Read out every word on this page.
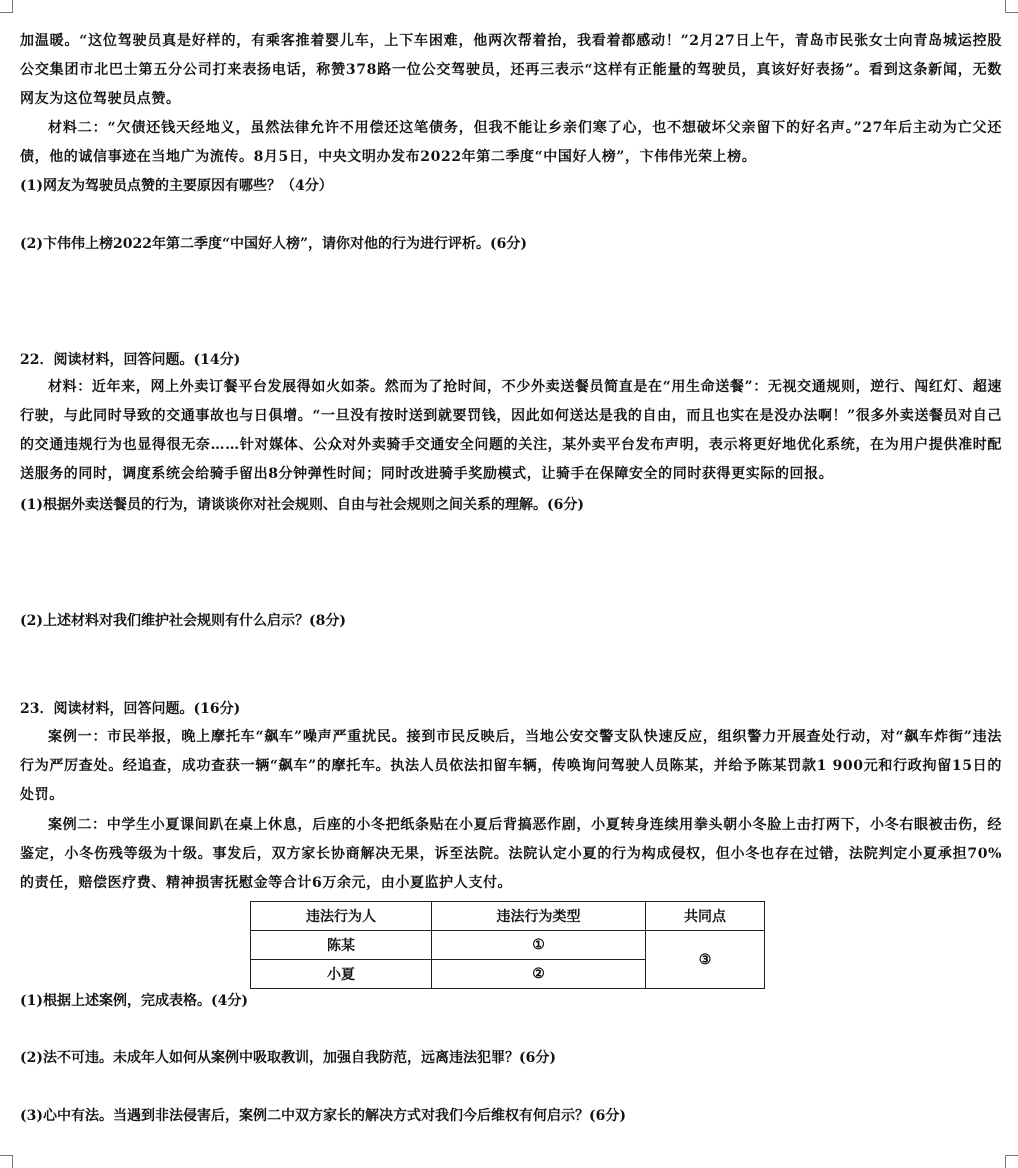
加温暖。“这位驾驶员真是好样的，有乘客推着婴儿车，上下车困难，他两次帮着抬，我看着都感动！”2月27日上午，青岛市民张女士向青岛城运控股公交集团市北巴士第五分公司打来表扬电话，称赞378路一位公交驾驶员，还再三表示“这样有正能量的驾驶员，真该好好表扬”。看到这条新闻，无数网友为这位驾驶员点赞。
材料二：“欠债还钱天经地义，虽然法律允许不用偿还这笔债务，但我不能让乡亲们寒了心，也不想破坏父亲留下的好名声。”27年后主动为亡父还债，他的诚信事迹在当地广为流传。8月5日，中央文明办发布2022年第二季度“中国好人榜”，卞伟伟光荣上榜。
(1)网友为驾驶员点赞的主要原因有哪些？（4分）
(2)卞伟伟上榜2022年第二季度“中国好人榜”，请你对他的行为进行评析。(6分)
22．阅读材料，回答问题。(14分)
材料：近年来，网上外卖订餐平台发展得如火如荼。然而为了抢时间，不少外卖送餐员简直是在“用生命送餐”：无视交通规则，逆行、闯红灯、超速行驶，与此同时导致的交通事故也与日俱增。“一旦没有按时送到就要罚钱，因此如何送达是我的自由，而且也实在是没办法啊！”很多外卖送餐员对自己的交通违规行为也显得很无奈……针对媒体、公众对外卖骑手交通安全问题的关注，某外卖平台发布声明，表示将更好地优化系统，在为用户提供准时配送服务的同时，调度系统会给骑手留出8分钟弹性时间；同时改进骑手奖励模式，让骑手在保障安全的同时获得更实际的回报。
(1)根据外卖送餐员的行为，请谈谈你对社会规则、自由与社会规则之间关系的理解。(6分)
(2)上述材料对我们维护社会规则有什么启示？(8分)
23．阅读材料，回答问题。(16分)
案例一：市民举报，晚上摩托车“飙车”噪声严重扰民。接到市民反映后，当地公安交警支队快速反应，组织警力开展查处行动，对“飙车炸街”违法行为严厉查处。经追查，成功查获一辆“飙车”的摩托车。执法人员依法扣留车辆，传唤询问驾驶人员陈某，并给予陈某罚款1 900元和行政拘留15日的处罚。
案例二：中学生小夏课间趴在桌上休息，后座的小冬把纸条贴在小夏后背搞恶作剧，小夏转身连续用拳头朝小冬脸上击打两下，小冬右眼被击伤，经鉴定，小冬伤残等级为十级。事发后，双方家长协商解决无果，诉至法院。法院认定小夏的行为构成侵权，但小冬也存在过错，法院判定小夏承担70%的责任，赔偿医疗费、精神损害抚慰金等合计6万余元，由小夏监护人支付。
违法行为人	违法行为类型	共同点
陈某	①	③
小夏	②	
(1)根据上述案例，完成表格。(4分)
(2)法不可违。未成年人如何从案例中吸取教训，加强自我防范，远离违法犯罪？(6分)
(3)心中有法。当遇到非法侵害后，案例二中双方家长的解决方式对我们今后维权有何启示？(6分)
